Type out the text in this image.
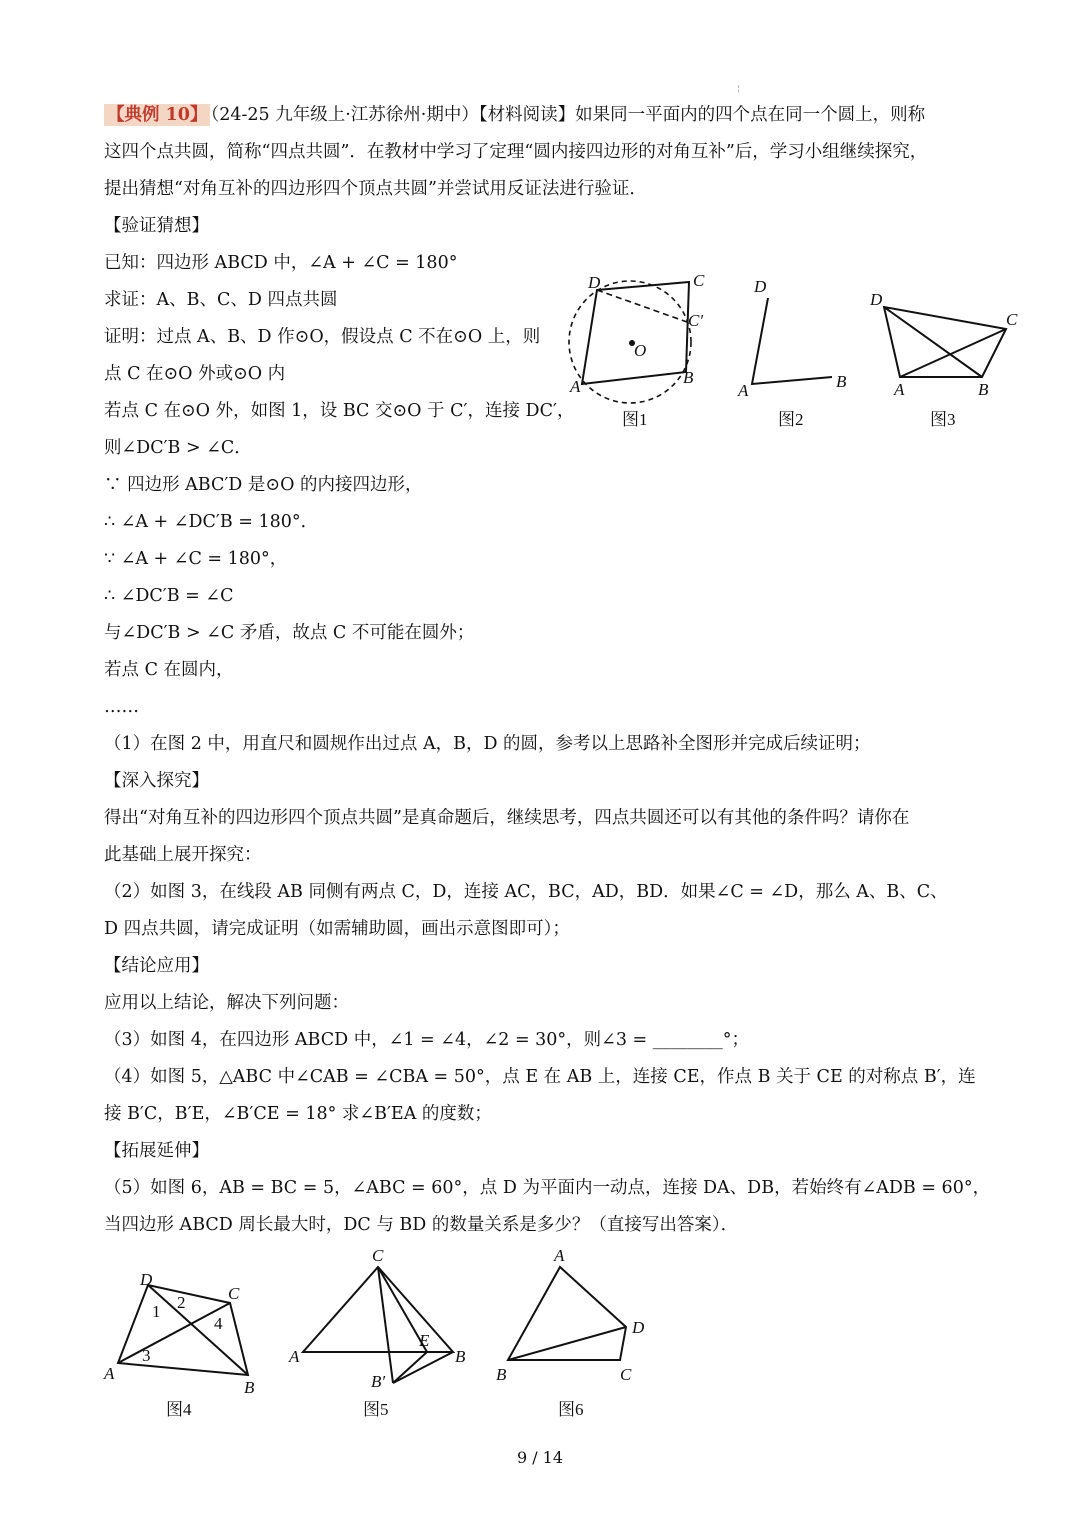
¦
【典例 10】 （24-25 九年级上·江苏徐州·期中）【材料阅读】如果同一平面内的四个点在同一个圆上，则称
这四个点共圆，简称“四点共圆”．在教材中学习了定理“圆内接四边形的对角互补”后，学习小组继续探究，
提出猜想“对角互补的四边形四个顶点共圆”并尝试用反证法进行验证．
【验证猜想】
已知：四边形 ABCD 中，∠A + ∠C = 180°
求证：A、B、C、D 四点共圆
证明：过点 A、B、D 作⊙O，假设点 C 不在⊙O 上，则
点 C 在⊙O 外或⊙O 内
若点 C 在⊙O 外，如图 1，设 BC 交⊙O 于 C′，连接 DC′，
则∠DC′B > ∠C．
∵ 四边形 ABC′D 是⊙O 的内接四边形，
∴ ∠A + ∠DC′B = 180°．
∵ ∠A + ∠C = 180°，
∴ ∠DC′B = ∠C
与∠DC′B > ∠C 矛盾，故点 C 不可能在圆外；
若点 C 在圆内，
……
（1）在图 2 中，用直尺和圆规作出过点 A，B，D 的圆，参考以上思路补全图形并完成后续证明；
【深入探究】
得出“对角互补的四边形四个顶点共圆”是真命题后，继续思考，四点共圆还可以有其他的条件吗？请你在
此基础上展开探究：
（2）如图 3，在线段 AB 同侧有两点 C，D，连接 AC，BC，AD，BD．如果∠C = ∠D，那么 A、B、C、
D 四点共圆，请完成证明（如需辅助圆，画出示意图即可）；
【结论应用】
应用以上结论，解决下列问题：
（3）如图 4，在四边形 ABCD 中，∠1 = ∠4，∠2 = 30°，则∠3 = ________°；
（4）如图 5，△ABC 中∠CAB = ∠CBA = 50°，点 E 在 AB 上，连接 CE，作点 B 关于 CE 的对称点 B′，连
接 B′C，B′E，∠B′CE = 18° 求∠B′EA 的度数；
【拓展延伸】
（5）如图 6，AB = BC = 5，∠ABC = 60°，点 D 为平面内一动点，连接 DA、DB，若始终有∠ADB = 60°，
当四边形 ABCD 周长最大时，DC 与 BD 的数量关系是多少？（直接写出答案）．
D	C
C′
O
A	B
图1
D
A	B
图2
D
C
A	B
图3
D
C
A
B
1 2
3
4
图4
C
A
E
B
B′
图5
A
D
C
B
图6
9 / 14
